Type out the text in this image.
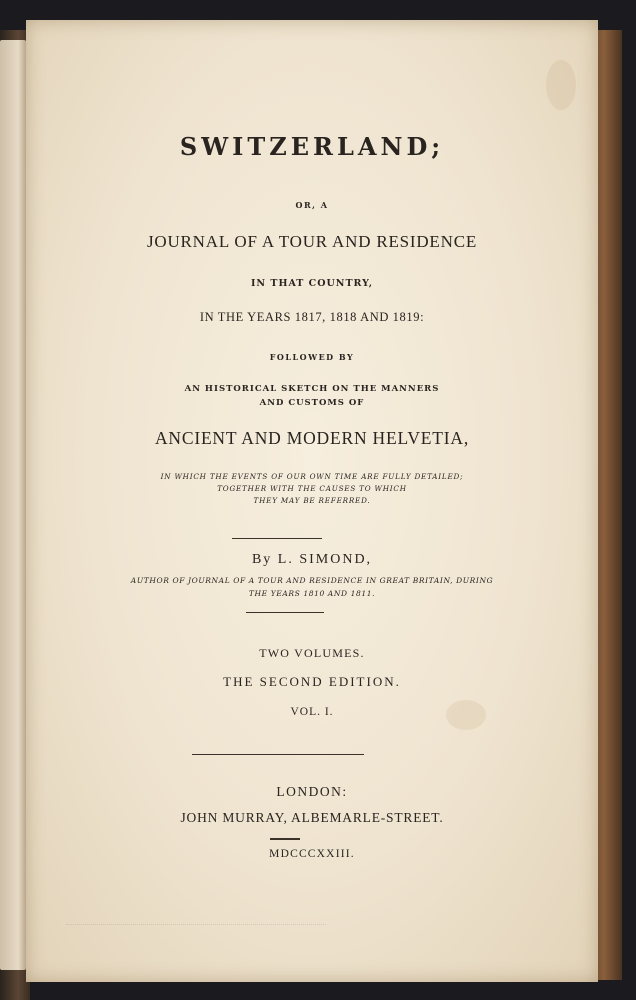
SWITZERLAND;
OR, A
JOURNAL OF A TOUR AND RESIDENCE
IN THAT COUNTRY,
IN THE YEARS 1817, 1818 AND 1819:
FOLLOWED BY
AN HISTORICAL SKETCH ON THE MANNERS
AND CUSTOMS OF
ANCIENT AND MODERN HELVETIA,
IN WHICH THE EVENTS OF OUR OWN TIME ARE FULLY DETAILED;
TOGETHER WITH THE CAUSES TO WHICH
THEY MAY BE REFERRED.
By L. SIMOND,
AUTHOR OF JOURNAL OF A TOUR AND RESIDENCE IN GREAT BRITAIN, DURING
THE YEARS 1810 AND 1811.
TWO VOLUMES.
THE SECOND EDITION.
VOL. I.
LONDON:
JOHN MURRAY, ALBEMARLE-STREET.
MDCCCXXIII.
